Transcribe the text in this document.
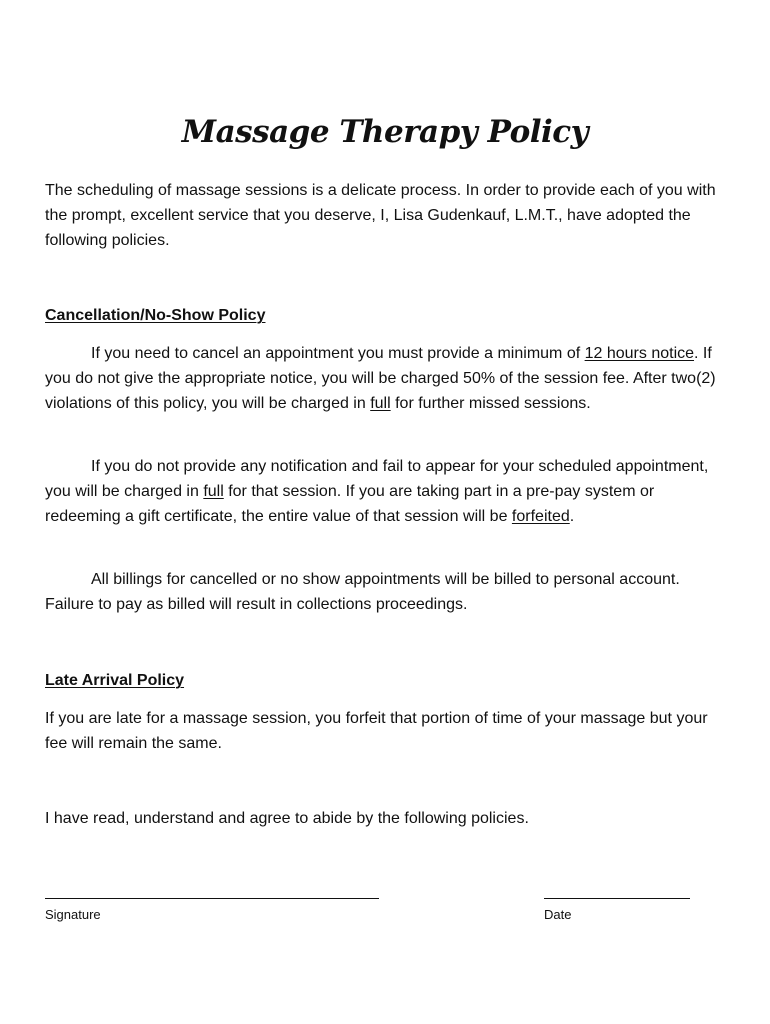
Massage Therapy Policy
The scheduling of massage sessions is a delicate process. In order to provide each of you with the prompt, excellent service that you deserve, I, Lisa Gudenkauf, L.M.T., have adopted the following policies.
Cancellation/No-Show Policy
If you need to cancel an appointment you must provide a minimum of 12 hours notice. If you do not give the appropriate notice, you will be charged 50% of the session fee. After two(2) violations of this policy, you will be charged in full for further missed sessions.
If you do not provide any notification and fail to appear for your scheduled appointment, you will be charged in full for that session. If you are taking part in a pre-pay system or redeeming a gift certificate, the entire value of that session will be forfeited.
All billings for cancelled or no show appointments will be billed to personal account. Failure to pay as billed will result in collections proceedings.
Late Arrival Policy
If you are late for a massage session, you forfeit that portion of time of your massage but your fee will remain the same.
I have read, understand and agree to abide by the following policies.
Signature	Date
